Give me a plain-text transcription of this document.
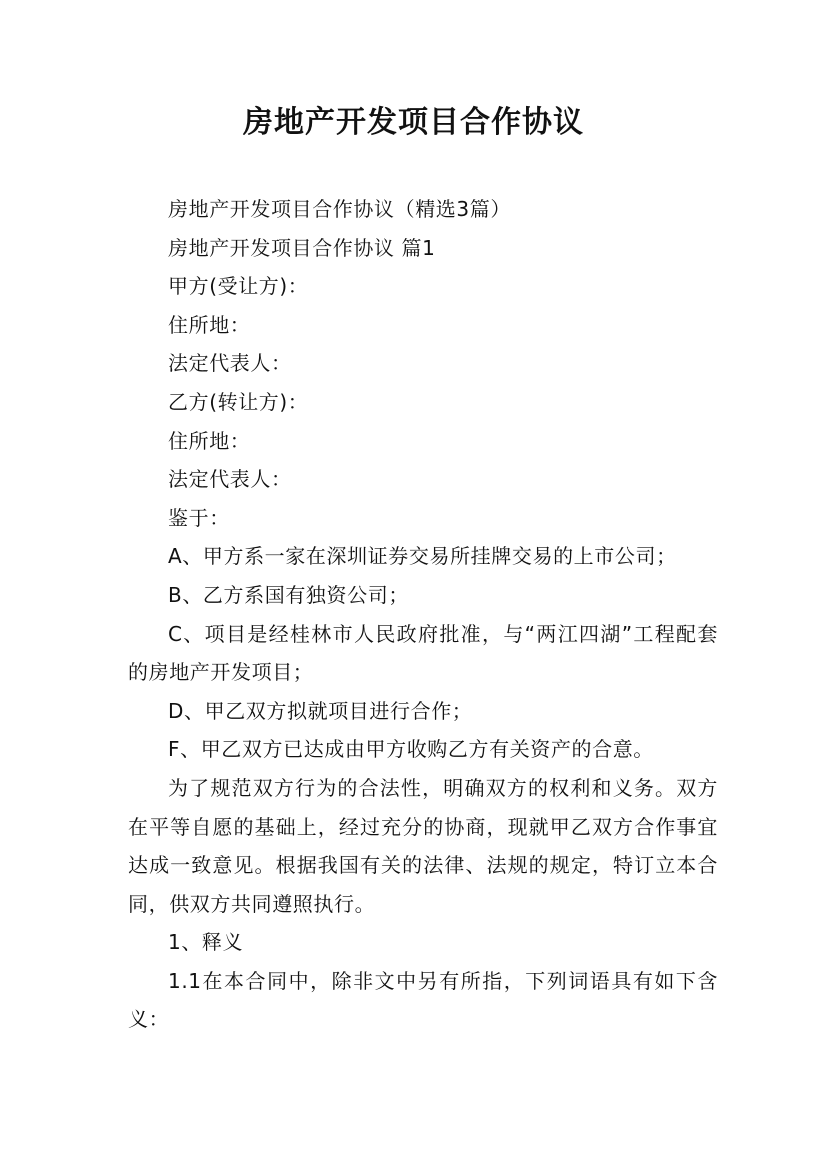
房地产开发项目合作协议

房地产开发项目合作协议（精选3篇）

房地产开发项目合作协议 篇1

甲方(受让方)：

住所地：

法定代表人：

乙方(转让方)：

住所地：

法定代表人：

鉴于：

A、甲方系一家在深圳证券交易所挂牌交易的上市公司；

B、乙方系国有独资公司；

C、项目是经桂林市人民政府批准，与“两江四湖”工程配套的房地产开发项目；

D、甲乙双方拟就项目进行合作；

F、甲乙双方已达成由甲方收购乙方有关资产的合意。

为了规范双方行为的合法性，明确双方的权利和义务。双方在平等自愿的基础上，经过充分的协商，现就甲乙双方合作事宜达成一致意见。根据我国有关的法律、法规的规定，特订立本合同，供双方共同遵照执行。

1、释义

1.1在本合同中，除非文中另有所指，下列词语具有如下含义：
